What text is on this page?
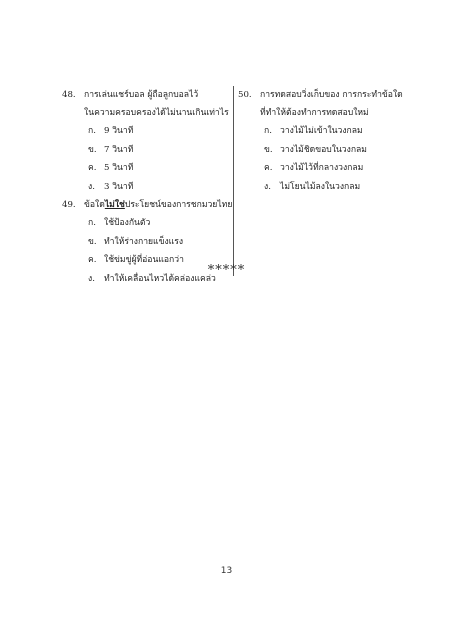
48. การเล่นแชร์บอล ผู้ถือลูกบอลไว้
ในความครอบครองได้ไม่นานเกินเท่าไร
ก. 9 วินาที
ข. 7 วินาที
ค. 5 วินาที
ง.	3 วินาที
49. ข้อใดไม่ใช่ประโยชน์ของการชกมวยไทย
ก. ใช้ป้องกันตัว
ข. ทำให้ร่างกายแข็งแรง
ค. ใช้ข่มขู่ผู้ที่อ่อนแอกว่า
ง.	ทำให้เคลื่อนไหวได้คล่องแคล่ว
50. การทดสอบวิ่งเก็บของ การกระทำข้อใด
ที่ทำให้ต้องทำการทดสอบใหม่
ก. วางไม้ไม่เข้าในวงกลม
ข. วางไม้ชิดขอบในวงกลม
ค. วางไม้ไว้ที่กลางวงกลม
ง.	ไม่โยนไม้ลงในวงกลม
*****
13
